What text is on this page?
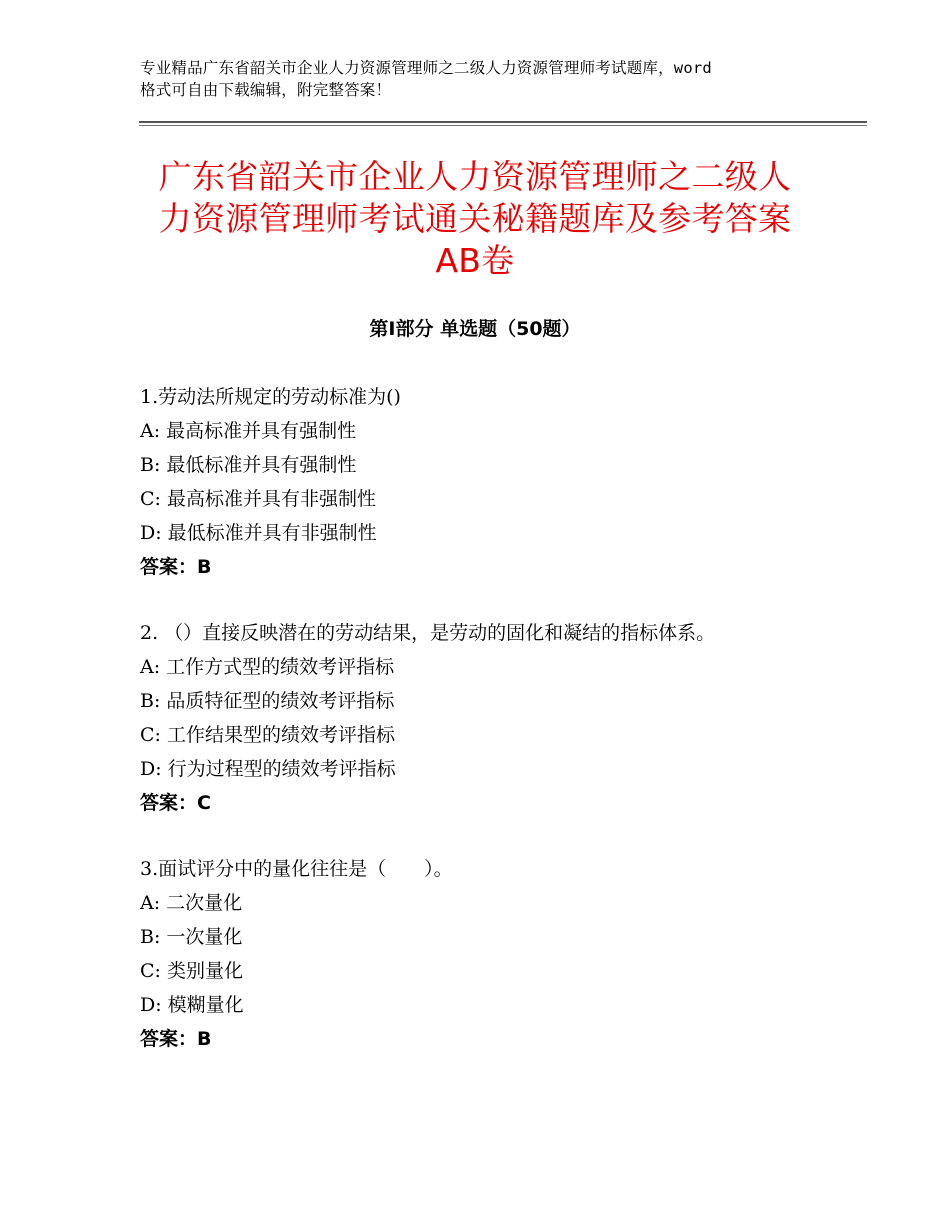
专业精品广东省韶关市企业人力资源管理师之二级人力资源管理师考试题库，word
格式可自由下载编辑，附完整答案！
广东省韶关市企业人力资源管理师之二级人
力资源管理师考试通关秘籍题库及参考答案
AB卷
第Ⅰ部分 单选题（50题）
1.劳动法所规定的劳动标准为()
A: 最高标准并具有强制性
B: 最低标准并具有强制性
C: 最高标准并具有非强制性
D: 最低标准并具有非强制性
答案：B
2. （）直接反映潜在的劳动结果，是劳动的固化和凝结的指标体系。
A: 工作方式型的绩效考评指标
B: 品质特征型的绩效考评指标
C: 工作结果型的绩效考评指标
D: 行为过程型的绩效考评指标
答案：C
3.面试评分中的量化往往是（　　）。
A: 二次量化
B: 一次量化
C: 类别量化
D: 模糊量化
答案：B
